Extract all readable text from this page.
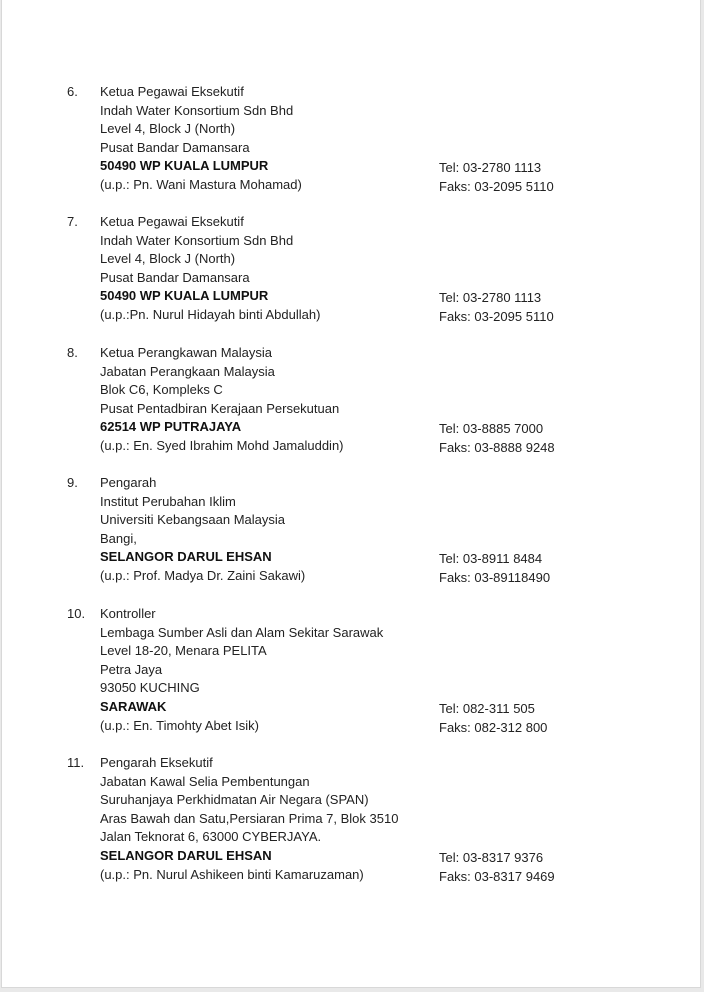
6. Ketua Pegawai Eksekutif
Indah Water Konsortium Sdn Bhd
Level 4, Block J (North)
Pusat Bandar Damansara
50490 WP KUALA LUMPUR
(u.p.: Pn. Wani Mastura Mohamad)
Tel: 03-2780 1113
Faks: 03-2095 5110
7. Ketua Pegawai Eksekutif
Indah Water Konsortium Sdn Bhd
Level 4, Block J (North)
Pusat Bandar Damansara
50490 WP KUALA LUMPUR
(u.p.:Pn. Nurul Hidayah binti Abdullah)
Tel: 03-2780 1113
Faks: 03-2095 5110
8. Ketua Perangkawan Malaysia
Jabatan Perangkaan Malaysia
Blok C6, Kompleks C
Pusat Pentadbiran Kerajaan Persekutuan
62514 WP PUTRAJAYA
(u.p.: En. Syed Ibrahim Mohd Jamaluddin)
Tel: 03-8885 7000
Faks: 03-8888 9248
9. Pengarah
Institut Perubahan Iklim
Universiti Kebangsaan Malaysia
Bangi,
SELANGOR DARUL EHSAN
(u.p.: Prof. Madya Dr. Zaini Sakawi)
Tel: 03-8911 8484
Faks: 03-89118490
10. Kontroller
Lembaga Sumber Asli dan Alam Sekitar Sarawak
Level 18-20, Menara PELITA
Petra Jaya
93050 KUCHING
SARAWAK
(u.p.: En. Timohty Abet Isik)
Tel: 082-311 505
Faks: 082-312 800
11. Pengarah Eksekutif
Jabatan Kawal Selia Pembentungan
Suruhanjaya Perkhidmatan Air Negara (SPAN)
Aras Bawah dan Satu,Persiaran Prima 7, Blok 3510
Jalan Teknorat 6, 63000 CYBERJAYA.
SELANGOR DARUL EHSAN
(u.p.: Pn. Nurul Ashikeen binti Kamaruzaman)
Tel: 03-8317 9376
Faks: 03-8317 9469
